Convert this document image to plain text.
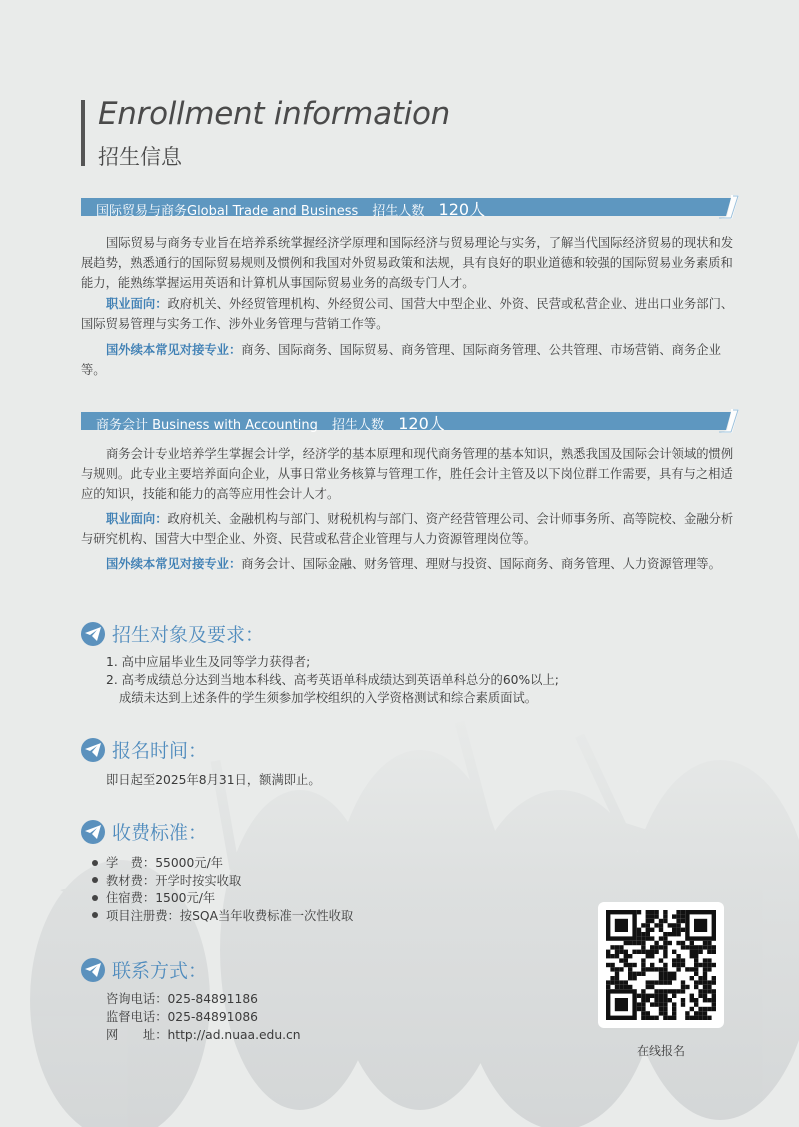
Enrollment information
招生信息
国际贸易与商务Global Trade and Business 招生人数 120人
国际贸易与商务专业旨在培养系统掌握经济学原理和国际经济与贸易理论与实务，了解当代国际经济贸易的现状和发展趋势，熟悉通行的国际贸易规则及惯例和我国对外贸易政策和法规，具有良好的职业道德和较强的国际贸易业务素质和能力，能熟练掌握运用英语和计算机从事国际贸易业务的高级专门人才。
职业面向：政府机关、外经贸管理机构、外经贸公司、国营大中型企业、外资、民营或私营企业、进出口业务部门、国际贸易管理与实务工作、涉外业务管理与营销工作等。
国外续本常见对接专业：商务、国际商务、国际贸易、商务管理、国际商务管理、公共管理、市场营销、商务企业等。
商务会计 Business with Accounting 招生人数 120人
商务会计专业培养学生掌握会计学，经济学的基本原理和现代商务管理的基本知识，熟悉我国及国际会计领域的惯例与规则。此专业主要培养面向企业，从事日常业务核算与管理工作，胜任会计主管及以下岗位群工作需要，具有与之相适应的知识，技能和能力的高等应用性会计人才。
职业面向：政府机关、金融机构与部门、财税机构与部门、资产经营管理公司、会计师事务所、高等院校、金融分析与研究机构、国营大中型企业、外资、民营或私营企业管理与人力资源管理岗位等。
国外续本常见对接专业：商务会计、国际金融、财务管理、理财与投资、国际商务、商务管理、人力资源管理等。
招生对象及要求：
1. 高中应届毕业生及同等学力获得者;
2. 高考成绩总分达到当地本科线、高考英语单科成绩达到英语单科总分的60%以上;
成绩未达到上述条件的学生须参加学校组织的入学资格测试和综合素质面试。
报名时间：
即日起至2025年8月31日，额满即止。
收费标准：
学　费：55000元/年
教材费：开学时按实收取
住宿费：1500元/年
项目注册费：按SQA当年收费标准一次性收取
联系方式：
咨询电话：025-84891186
监督电话：025-84891086
网　　址：http://ad.nuaa.edu.cn
在线报名
